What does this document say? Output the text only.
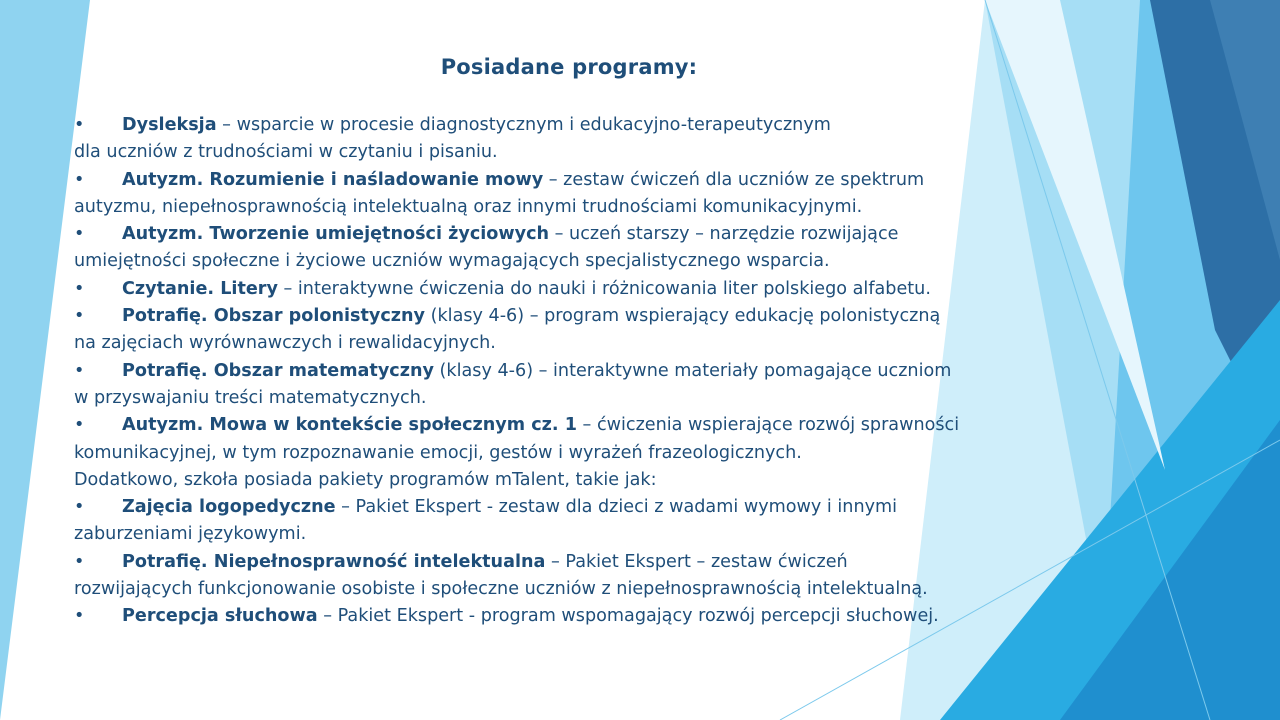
Posiadane programy:
• Dysleksja – wsparcie w procesie diagnostycznym i edukacyjno-terapeutycznym
dla uczniów z trudnościami w czytaniu i pisaniu.
• Autyzm. Rozumienie i naśladowanie mowy – zestaw ćwiczeń dla uczniów ze spektrum
autyzmu, niepełnosprawnością intelektualną oraz innymi trudnościami komunikacyjnymi.
• Autyzm. Tworzenie umiejętności życiowych – uczeń starszy – narzędzie rozwijające
umiejętności społeczne i życiowe uczniów wymagających specjalistycznego wsparcia.
• Czytanie. Litery – interaktywne ćwiczenia do nauki i różnicowania liter polskiego alfabetu.
• Potrafię. Obszar polonistyczny (klasy 4-6) – program wspierający edukację polonistyczną
na zajęciach wyrównawczych i rewalidacyjnych.
• Potrafię. Obszar matematyczny (klasy 4-6) – interaktywne materiały pomagające uczniom
w przyswajaniu treści matematycznych.
• Autyzm. Mowa w kontekście społecznym cz. 1 – ćwiczenia wspierające rozwój sprawności
komunikacyjnej, w tym rozpoznawanie emocji, gestów i wyrażeń frazeologicznych.
Dodatkowo, szkoła posiada pakiety programów mTalent, takie jak:
• Zajęcia logopedyczne – Pakiet Ekspert - zestaw dla dzieci z wadami wymowy i innymi
zaburzeniami językowymi.
• Potrafię. Niepełnosprawność intelektualna – Pakiet Ekspert – zestaw ćwiczeń
rozwijających funkcjonowanie osobiste i społeczne uczniów z niepełnosprawnością intelektualną.
• Percepcja słuchowa – Pakiet Ekspert - program wspomagający rozwój percepcji słuchowej.
